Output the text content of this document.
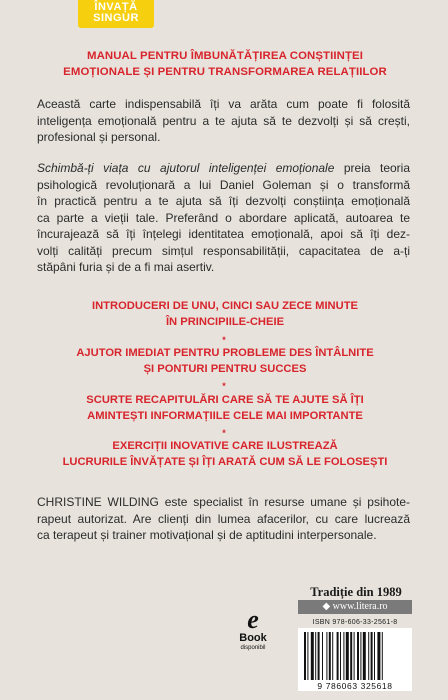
ÎNVAȚĂ
SINGUR
MANUAL PENTRU ÎMBUNĂTĂȚIREA CONȘTIINȚEI
EMOȚIONALE ȘI PENTRU TRANSFORMAREA RELAȚIILOR
Această carte indispensabilă îți va arăta cum poate fi folosită
inteligența emoțională pentru a te ajuta să te dezvolți și să crești,
profesional și personal.
Schimbă-ți viața cu ajutorul inteligenței emoționale preia teoria
psihologică revoluționară a lui Daniel Goleman și o transformă
în practică pentru a te ajuta să îți dezvolți conștiința emoțională
ca parte a vieții tale. Preferând o abordare aplicată, autoarea te
încurajează să îți înțelegi identitatea emoțională, apoi să îți dez-
volți calități precum simțul responsabilității, capacitatea de a-ți
stăpâni furia și de a fi mai asertiv.
INTRODUCERI DE UNU, CINCI SAU ZECE MINUTE
ÎN PRINCIPIILE-CHEIE
*
AJUTOR IMEDIAT PENTRU PROBLEME DES ÎNTÂLNITE
ȘI PONTURI PENTRU SUCCES
*
SCURTE RECAPITULĂRI CARE SĂ TE AJUTE SĂ ÎȚI
AMINTEȘTI INFORMAȚIILE CELE MAI IMPORTANTE
*
EXERCIȚII INOVATIVE CARE ILUSTREAZĂ
LUCRURILE ÎNVĂȚATE ȘI ÎȚI ARATĂ CUM SĂ LE FOLOSEȘTI
CHRISTINE WILDING este specialist în resurse umane și psihote-
rapeut autorizat. Are clienți din lumea afacerilor, cu care lucrează
ca terapeut și trainer motivațional și de aptitudini interpersonale.
e
Book
disponibil
Tradiție din 1989
◆ www.litera.ro
ISBN 978-606-33-2561-8
9 786063 325618
